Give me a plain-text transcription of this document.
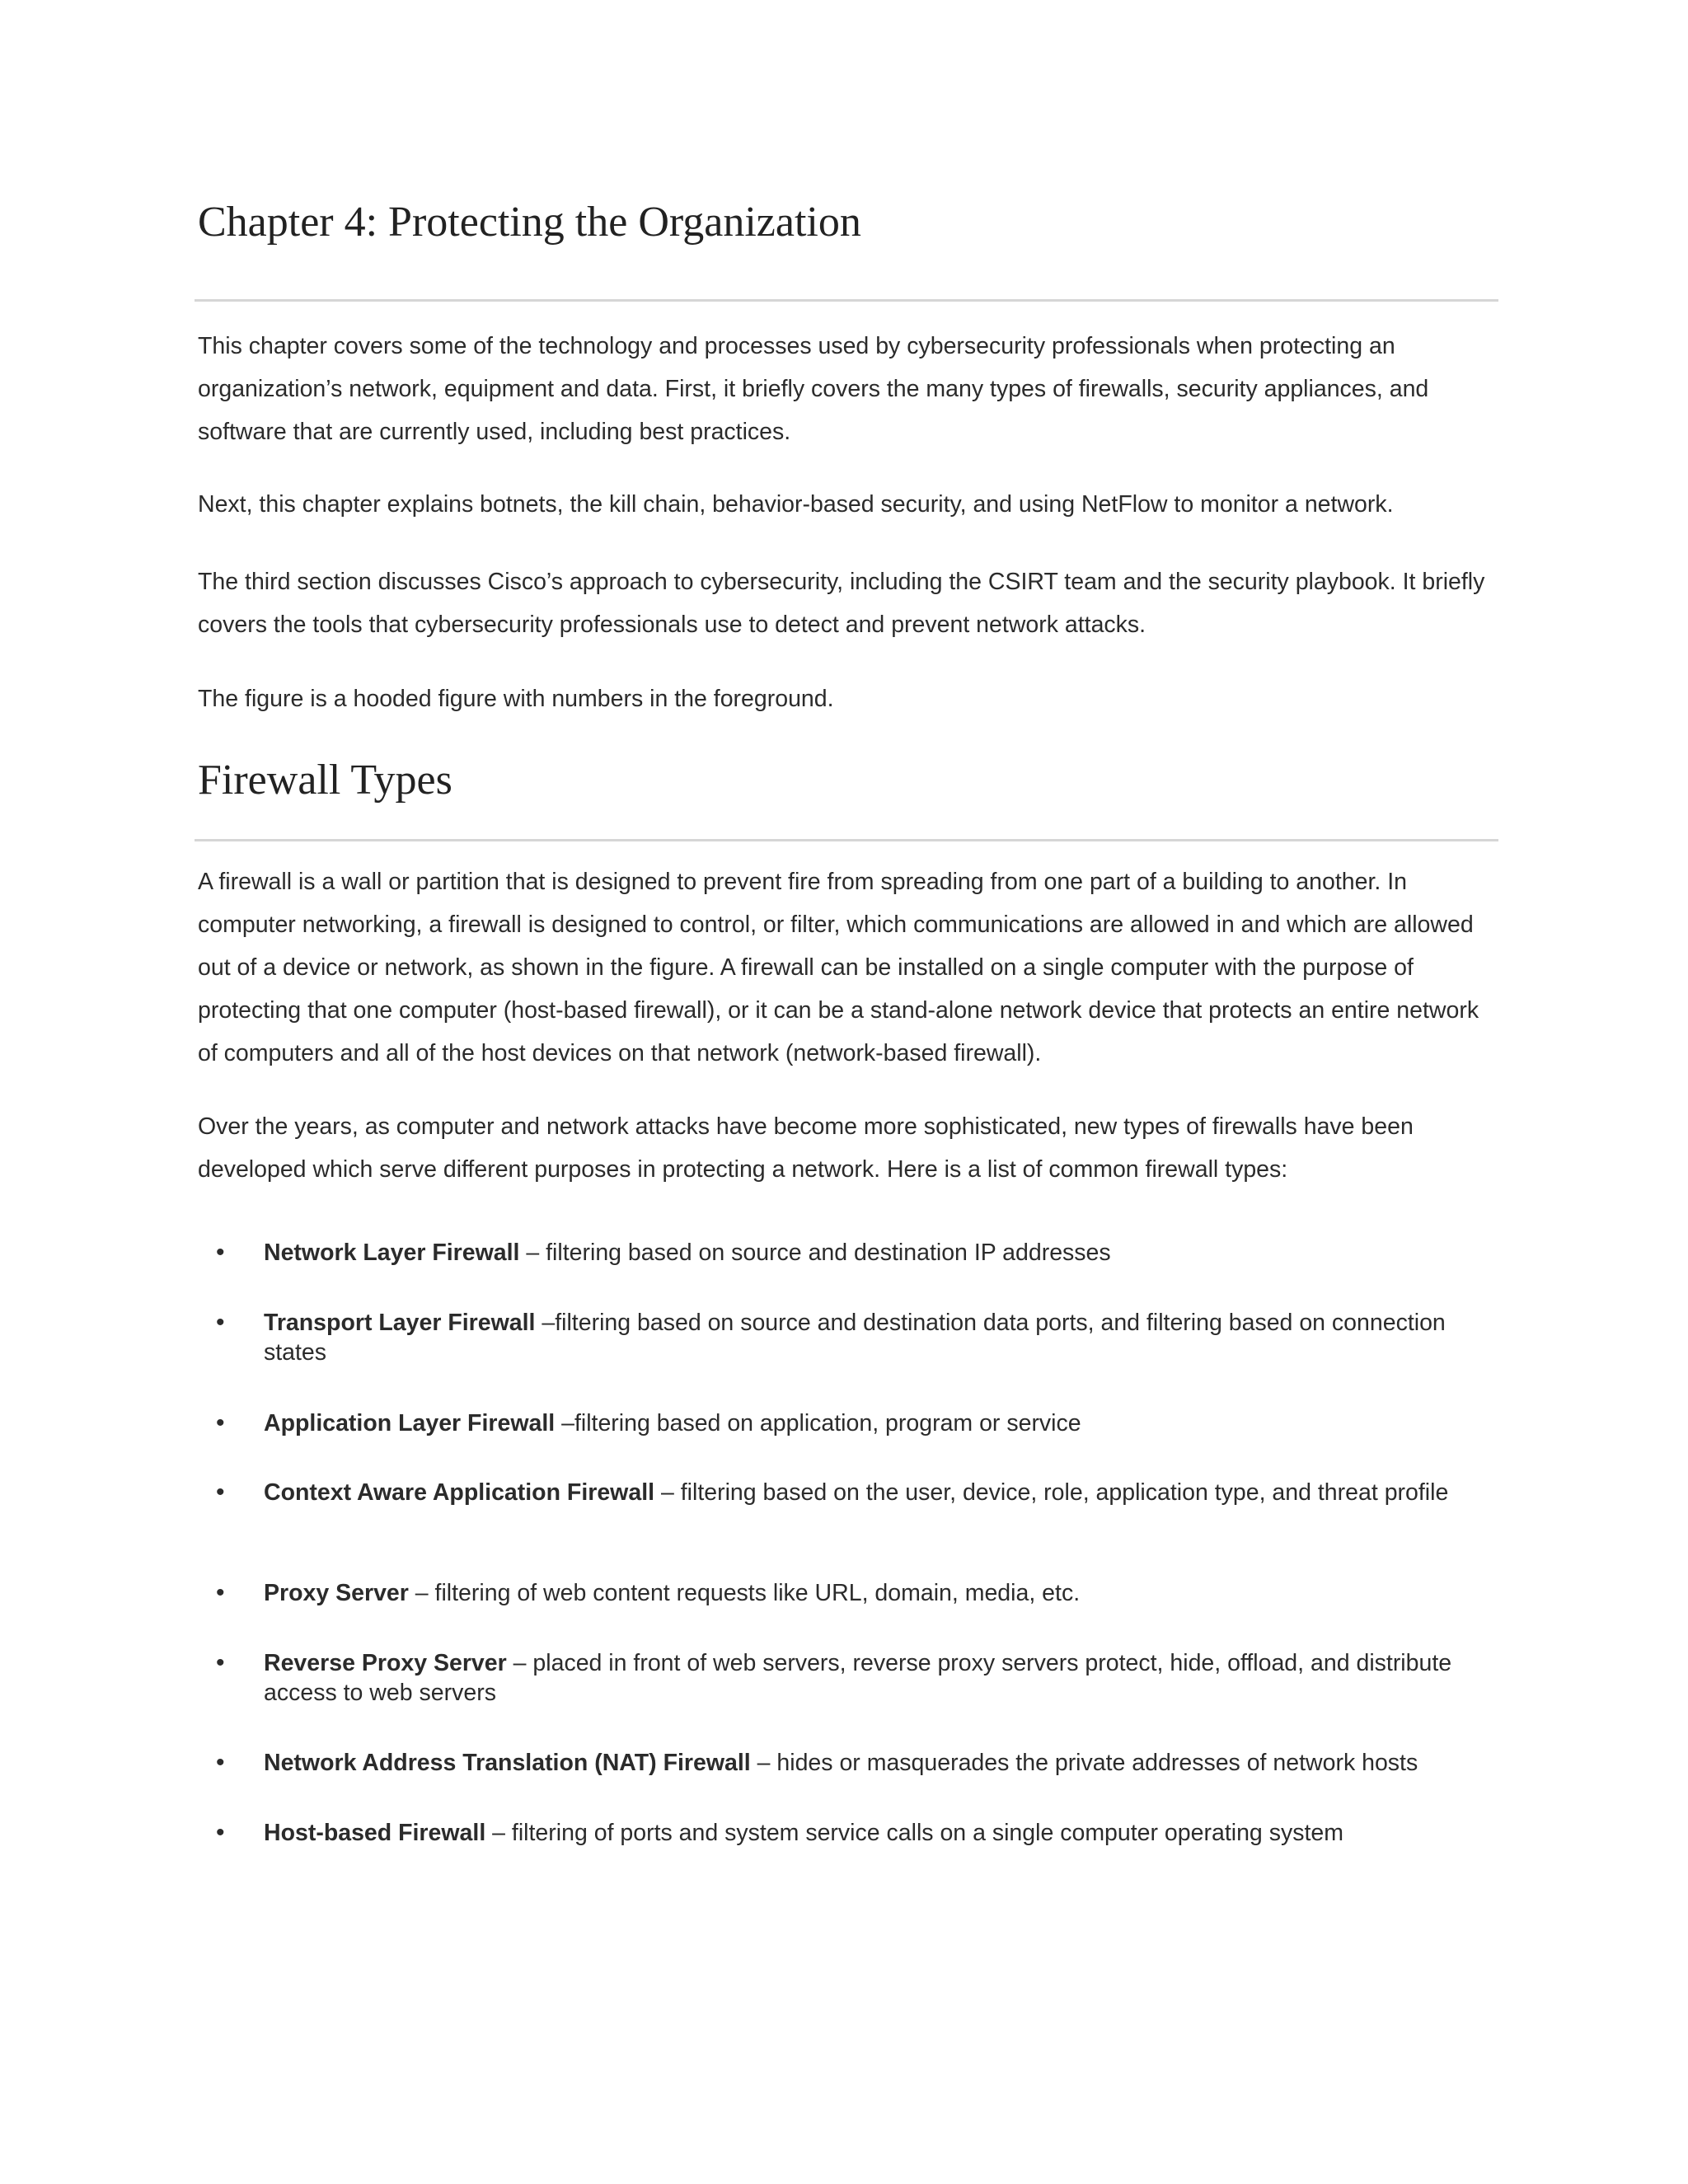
Chapter 4: Protecting the Organization

This chapter covers some of the technology and processes used by cybersecurity professionals when protecting an organization’s network, equipment and data. First, it briefly covers the many types of firewalls, security appliances, and software that are currently used, including best practices.

Next, this chapter explains botnets, the kill chain, behavior-based security, and using NetFlow to monitor a network.

The third section discusses Cisco’s approach to cybersecurity, including the CSIRT team and the security playbook. It briefly covers the tools that cybersecurity professionals use to detect and prevent network attacks.

The figure is a hooded figure with numbers in the foreground.

Firewall Types

A firewall is a wall or partition that is designed to prevent fire from spreading from one part of a building to another. In computer networking, a firewall is designed to control, or filter, which communications are allowed in and which are allowed out of a device or network, as shown in the figure. A firewall can be installed on a single computer with the purpose of protecting that one computer (host-based firewall), or it can be a stand-alone network device that protects an entire network of computers and all of the host devices on that network (network-based firewall).

Over the years, as computer and network attacks have become more sophisticated, new types of firewalls have been developed which serve different purposes in protecting a network. Here is a list of common firewall types:

• Network Layer Firewall – filtering based on source and destination IP addresses
• Transport Layer Firewall –filtering based on source and destination data ports, and filtering based on connection states
• Application Layer Firewall –filtering based on application, program or service
• Context Aware Application Firewall – filtering based on the user, device, role, application type, and threat profile
• Proxy Server – filtering of web content requests like URL, domain, media, etc.
• Reverse Proxy Server – placed in front of web servers, reverse proxy servers protect, hide, offload, and distribute access to web servers
• Network Address Translation (NAT) Firewall – hides or masquerades the private addresses of network hosts
• Host-based Firewall – filtering of ports and system service calls on a single computer operating system
